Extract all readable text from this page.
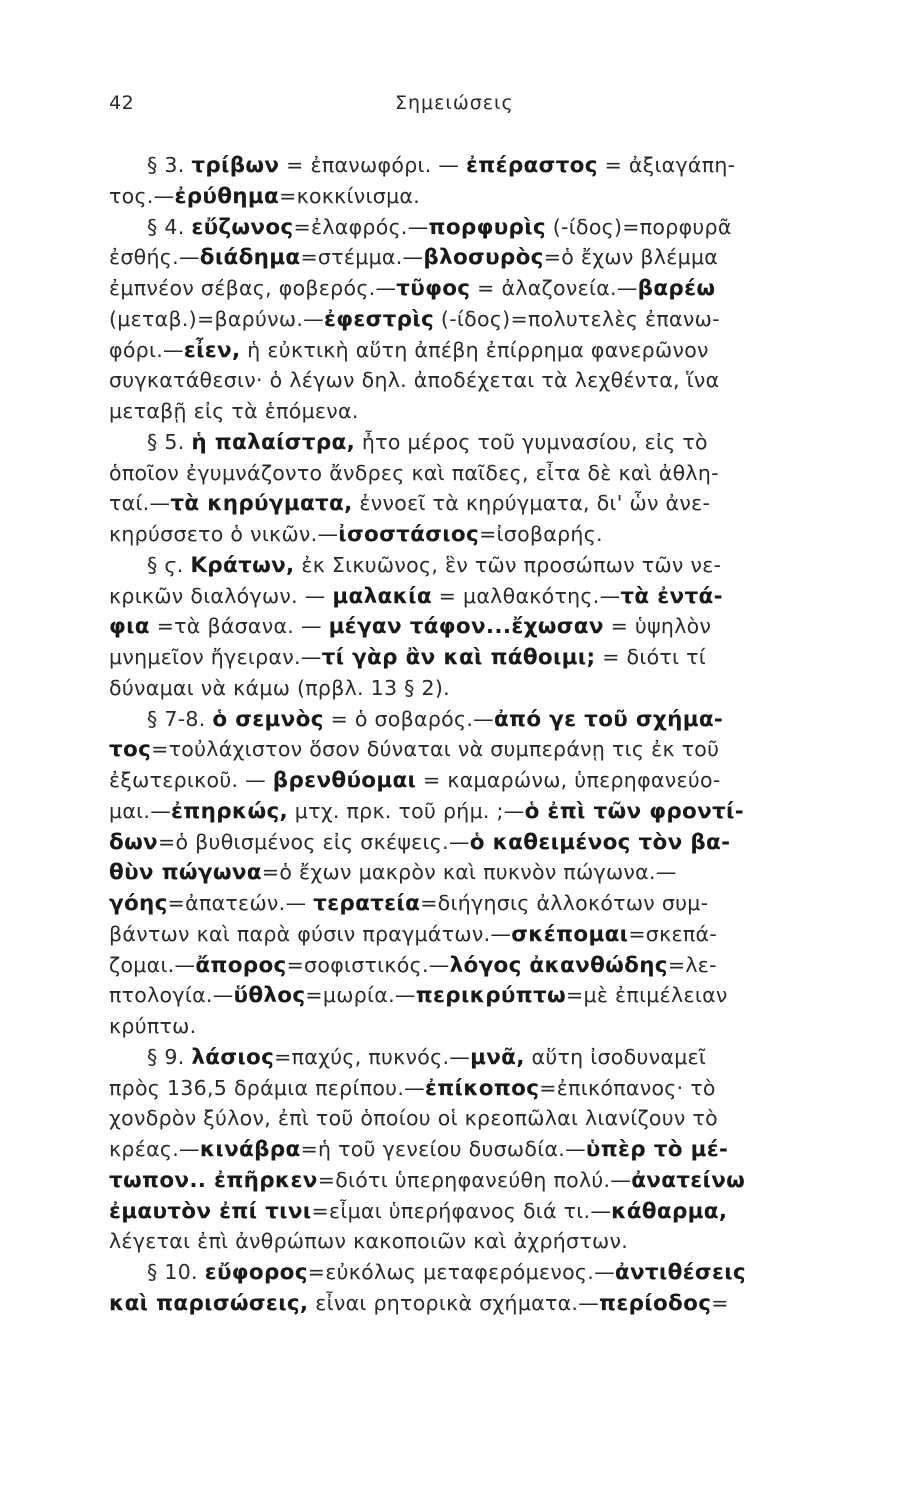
42	Σημειώσεις
§ 3. τρίβων = ἐπανωφόρι. — ἐπέραστος = ἀξιαγάπη-
τος.—ἐρύθημα=κοκκίνισμα.
§ 4. εὔζωνος=ἐλαφρός.—πορφυρὶς (-ίδος)=πορφυρᾶ
ἐσθής.—διάδημα=στέμμα.—βλοσυρὸς=ὁ ἔχων βλέμμα
ἐμπνέον σέβας, φοβερός.—τῦφος = ἀλαζονεία.—βαρέω
(μεταβ.)=βαρύνω.—ἐφεστρὶς (-ίδος)=πολυτελὲς ἐπανω-
φόρι.—εἶεν, ἡ εὐκτικὴ αὕτη ἀπέβη ἐπίρρημα φανερῶνον
συγκατάθεσιν· ὁ λέγων δηλ. ἀποδέχεται τὰ λεχθέντα, ἵνα
μεταβῇ εἰς τὰ ἑπόμενα.
§ 5. ἡ παλαίστρα, ἦτο μέρος τοῦ γυμνασίου, εἰς τὸ
ὁποῖον ἐγυμνάζοντο ἄνδρες καὶ παῖδες, εἶτα δὲ καὶ ἀθλη-
ταί.—τὰ κηρύγματα, ἐννοεῖ τὰ κηρύγματα, δι' ὧν ἀνε-
κηρύσσετο ὁ νικῶν.—ἰσοστάσιος=ἰσοβαρής.
§ ϛ. Κράτων, ἐκ Σικυῶνος, ἓν τῶν προσώπων τῶν νε-
κρικῶν διαλόγων. — μαλακία = μαλθακότης.—τὰ ἐντά-
φια =τὰ βάσανα. — μέγαν τάφον...ἔχωσαν = ὑψηλὸν
μνημεῖον ἤγειραν.—τί γὰρ ἂν καὶ πάθοιμι; = διότι τί
δύναμαι νὰ κάμω (πρβλ. 13 § 2).
§ 7-8. ὁ σεμνὸς = ὁ σοβαρός.—ἀπό γε τοῦ σχήμα-
τος=τοὐλάχιστον ὅσον δύναται νὰ συμπεράνῃ τις ἐκ τοῦ
ἐξωτερικοῦ. — βρενθύομαι = καμαρώνω, ὑπερηφανεύο-
μαι.—ἐπηρκώς, μτχ. πρκ. τοῦ ρήμ. ;—ὁ ἐπὶ τῶν φροντί-
δων=ὁ βυθισμένος εἰς σκέψεις.—ὁ καθειμένος τὸν βα-
θὺν πώγωνα=ὁ ἔχων μακρὸν καὶ πυκνὸν πώγωνα.—
γόης=ἀπατεών.— τερατεία=διήγησις ἀλλοκότων συμ-
βάντων καὶ παρὰ φύσιν πραγμάτων.—σκέπομαι=σκεπά-
ζομαι.—ἄπορος=σοφιστικός.—λόγος ἀκανθώδης=λε-
πτολογία.—ὕθλος=μωρία.—περικρύπτω=μὲ ἐπιμέλειαν
κρύπτω.
§ 9. λάσιος=παχύς, πυκνός.—μνᾶ, αὕτη ἰσοδυναμεῖ
πρὸς 136,5 δράμια περίπου.—ἐπίκοπος=ἐπικόπανος· τὸ
χονδρὸν ξύλον, ἐπὶ τοῦ ὁποίου οἱ κρεοπῶλαι λιανίζουν τὸ
κρέας.—κινάβρα=ἡ τοῦ γενείου δυσωδία.—ὑπὲρ τὸ μέ-
τωπον.. ἐπῆρκεν=διότι ὑπερηφανεύθη πολύ.—ἀνατείνω
ἐμαυτὸν ἐπί τινι=εἶμαι ὑπερήφανος διά τι.—κάθαρμα,
λέγεται ἐπὶ ἀνθρώπων κακοποιῶν καὶ ἀχρήστων.
§ 10. εὔφορος=εὐκόλως μεταφερόμενος.—ἀντιθέσεις
καὶ παρισώσεις, εἶναι ρητορικὰ σχήματα.—περίοδος=
